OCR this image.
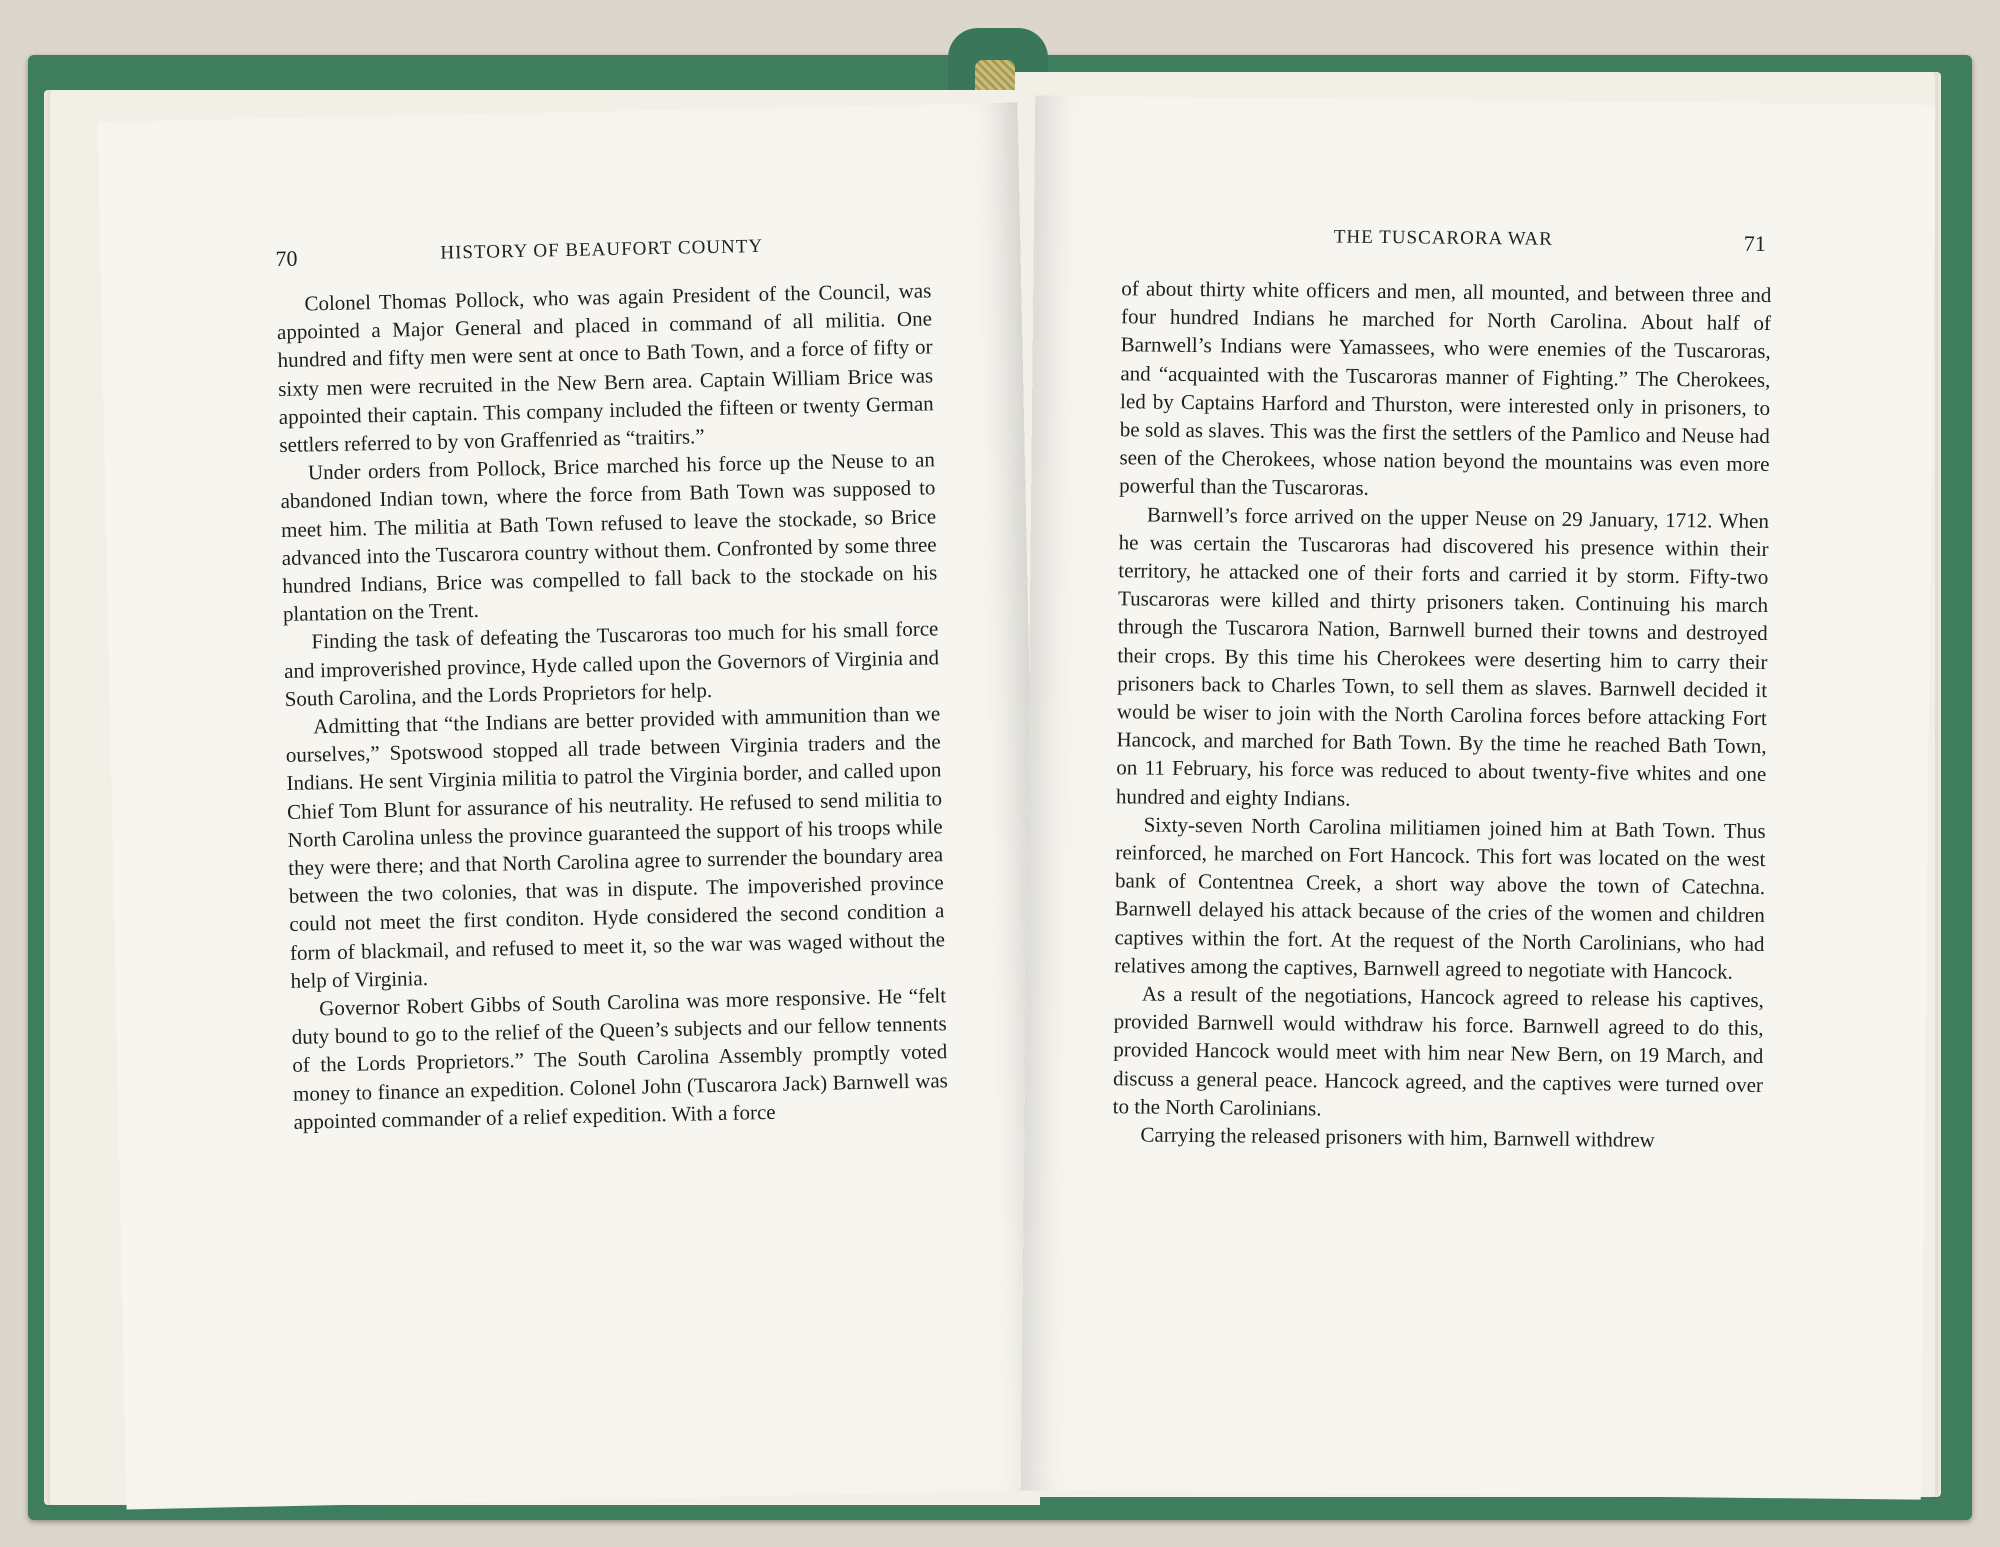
70	HISTORY OF BEAUFORT COUNTY

Colonel Thomas Pollock, who was again President of the Council, was appointed a Major General and placed in command of all militia. One hundred and fifty men were sent at once to Bath Town, and a force of fifty or sixty men were recruited in the New Bern area. Captain William Brice was appointed their captain. This company included the fifteen or twenty German settlers referred to by von Graffenried as “traitirs.”

Under orders from Pollock, Brice marched his force up the Neuse to an abandoned Indian town, where the force from Bath Town was supposed to meet him. The militia at Bath Town refused to leave the stockade, so Brice advanced into the Tuscarora country without them. Confronted by some three hundred Indians, Brice was compelled to fall back to the stockade on his plantation on the Trent.

Finding the task of defeating the Tuscaroras too much for his small force and improverished province, Hyde called upon the Governors of Virginia and South Carolina, and the Lords Proprietors for help.

Admitting that “the Indians are better provided with ammunition than we ourselves,” Spotswood stopped all trade between Virginia traders and the Indians. He sent Virginia militia to patrol the Virginia border, and called upon Chief Tom Blunt for assurance of his neutrality. He refused to send militia to North Carolina unless the province guaranteed the support of his troops while they were there; and that North Carolina agree to surrender the boundary area between the two colonies, that was in dispute. The impoverished province could not meet the first conditon. Hyde considered the second condition a form of blackmail, and refused to meet it, so the war was waged without the help of Virginia.

Governor Robert Gibbs of South Carolina was more responsive. He “felt duty bound to go to the relief of the Queen’s subjects and our fellow tennents of the Lords Proprietors.” The South Carolina Assembly promptly voted money to finance an expedition. Colonel John (Tuscarora Jack) Barnwell was appointed commander of a relief expedition. With a force

THE TUSCARORA WAR	71

of about thirty white officers and men, all mounted, and between three and four hundred Indians he marched for North Carolina. About half of Barnwell’s Indians were Yamassees, who were enemies of the Tuscaroras, and “acquainted with the Tuscaroras manner of Fighting.” The Cherokees, led by Captains Harford and Thurston, were interested only in prisoners, to be sold as slaves. This was the first the settlers of the Pamlico and Neuse had seen of the Cherokees, whose nation beyond the mountains was even more powerful than the Tuscaroras.

Barnwell’s force arrived on the upper Neuse on 29 January, 1712. When he was certain the Tuscaroras had discovered his presence within their territory, he attacked one of their forts and carried it by storm. Fifty-two Tuscaroras were killed and thirty prisoners taken. Continuing his march through the Tuscarora Nation, Barnwell burned their towns and destroyed their crops. By this time his Cherokees were deserting him to carry their prisoners back to Charles Town, to sell them as slaves. Barnwell decided it would be wiser to join with the North Carolina forces before attacking Fort Hancock, and marched for Bath Town. By the time he reached Bath Town, on 11 February, his force was reduced to about twenty-five whites and one hundred and eighty Indians.

Sixty-seven North Carolina militiamen joined him at Bath Town. Thus reinforced, he marched on Fort Hancock. This fort was located on the west bank of Contentnea Creek, a short way above the town of Catechna. Barnwell delayed his attack because of the cries of the women and children captives within the fort. At the request of the North Carolinians, who had relatives among the captives, Barnwell agreed to negotiate with Hancock.

As a result of the negotiations, Hancock agreed to release his captives, provided Barnwell would withdraw his force. Barnwell agreed to do this, provided Hancock would meet with him near New Bern, on 19 March, and discuss a general peace. Hancock agreed, and the captives were turned over to the North Carolinians.

Carrying the released prisoners with him, Barnwell withdrew
